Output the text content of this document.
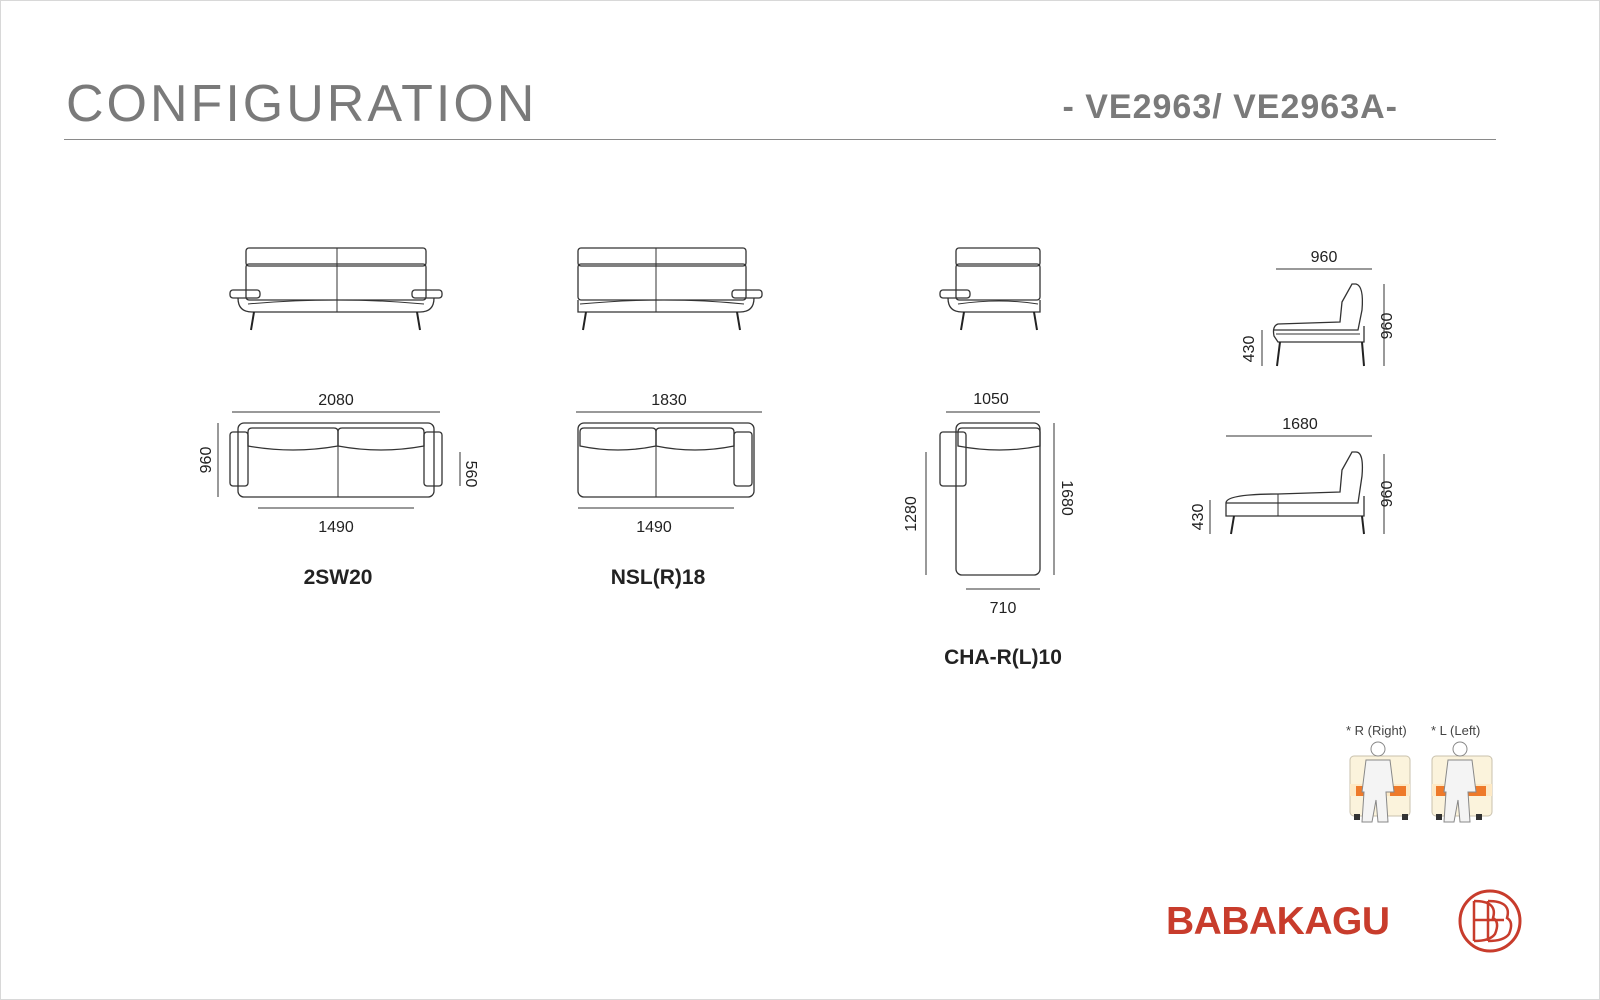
CONFIGURATION	- VE2963/ VE2963A-
2080
960
560
1490
2SW20
1830
1490
NSL(R)18
1050
1280	1680
710
CHA-R(L)10
960
960
430
1680
960
430
* R (Right) * L (Left)
BABAKAGU
